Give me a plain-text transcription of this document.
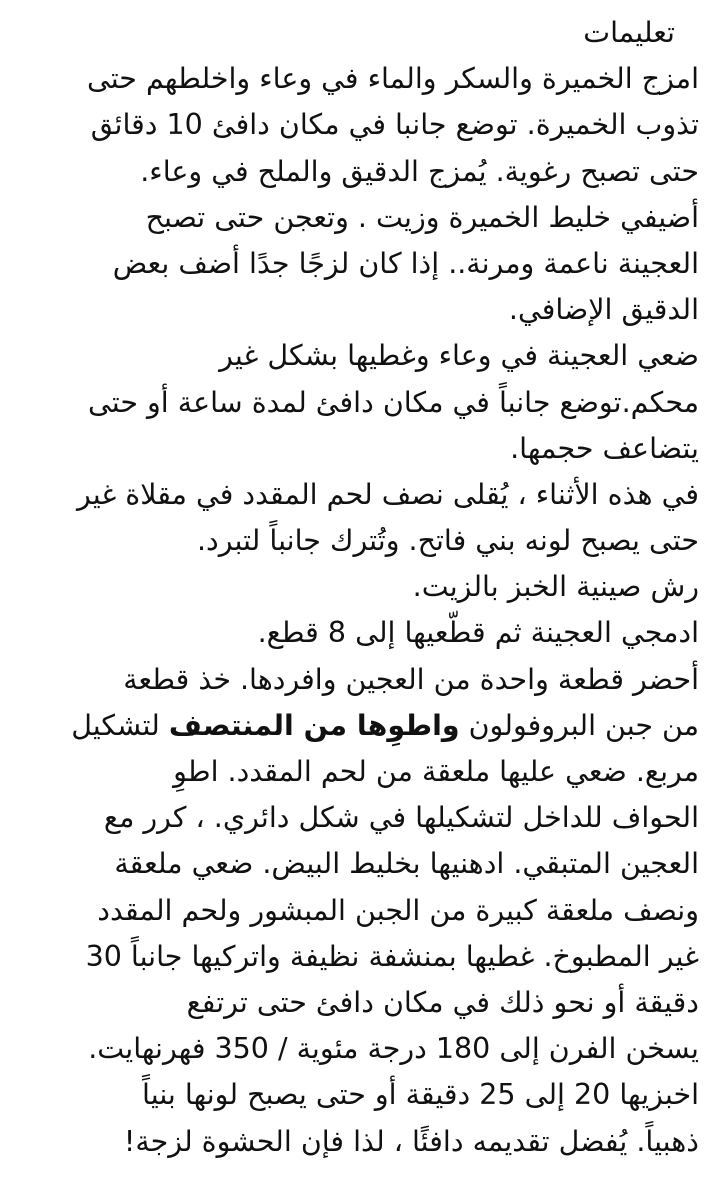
تعليمات
امزج الخميرة والسكر والماء في وعاء واخلطهم حتى
تذوب الخميرة. توضع جانبا في مكان دافئ 10 دقائق
حتى تصبح رغوية. يُمزج الدقيق والملح في وعاء.
أضيفي خليط الخميرة وزيت . وتعجن حتى تصبح
العجينة ناعمة ومرنة.. إذا كان لزجًا جدًا أضف بعض
الدقيق الإضافي.
ضعي العجينة في وعاء وغطيها بشكل غير
محكم.توضع جانباً في مكان دافئ لمدة ساعة أو حتى
يتضاعف حجمها.
في هذه الأثناء ، يُقلى نصف لحم المقدد في مقلاة غير
حتى يصبح لونه بني فاتح. وتُترك جانباً لتبرد.
رش صينية الخبز بالزيت.
ادمجي العجينة ثم قطّعيها إلى 8 قطع.
أحضر قطعة واحدة من العجين وافردها. خذ قطعة
من جبن البروفولون واطوِها من المنتصف لتشكيل
مربع. ضعي عليها ملعقة من لحم المقدد. اطوِ
الحواف للداخل لتشكيلها في شكل دائري. ، كرر مع
العجين المتبقي. ادهنيها بخليط البيض. ضعي ملعقة
ونصف ملعقة كبيرة من الجبن المبشور ولحم المقدد
غير المطبوخ. غطيها بمنشفة نظيفة واتركيها جانباً 30
دقيقة أو نحو ذلك في مكان دافئ حتى ترتفع
يسخن الفرن إلى 180 درجة مئوية / 350 فهرنهايت.
اخبزيها 20 إلى 25 دقيقة أو حتى يصبح لونها بنياً
ذهبياً. يُفضل تقديمه دافئًا ، لذا فإن الحشوة لزجة!
